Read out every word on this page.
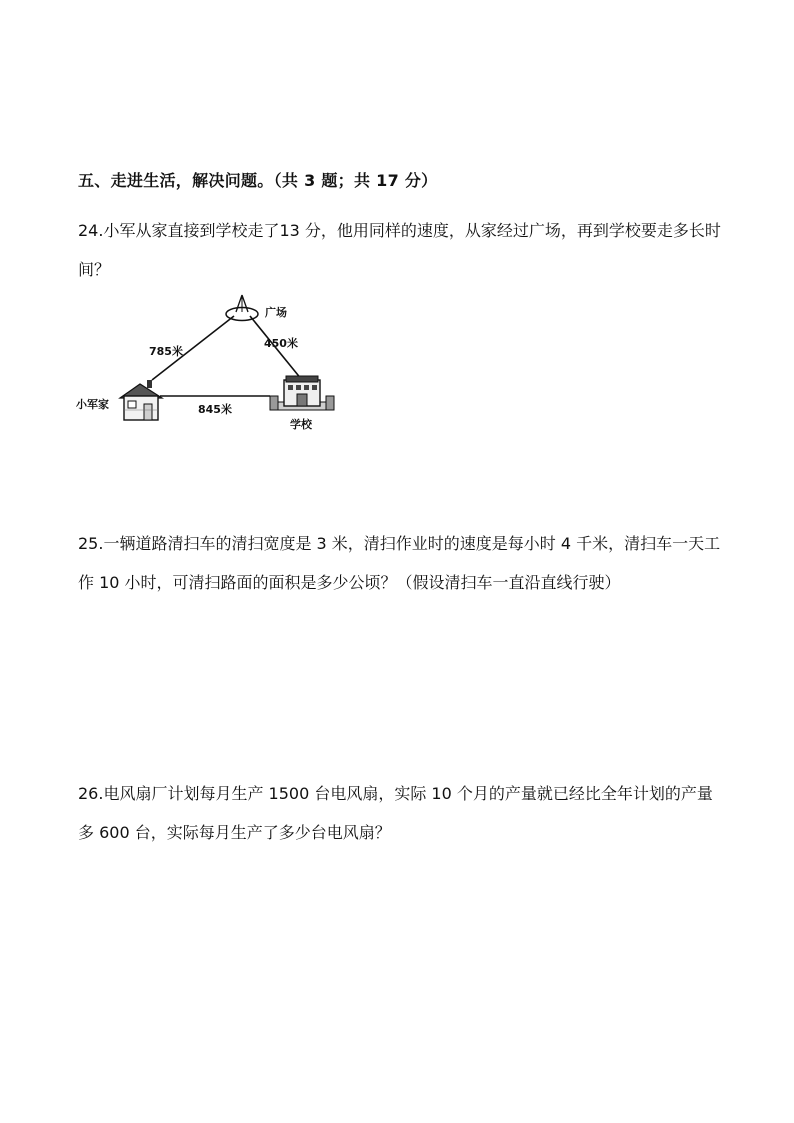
五、走进生活，解决问题。（共 3 题；共 17 分）

24.小军从家直接到学校走了13 分，他用同样的速度，从家经过广场，再到学校要走多长时间？

广场
785米
450米
845米
小军家
学校

25.一辆道路清扫车的清扫宽度是 3 米，清扫作业时的速度是每小时 4 千米，清扫车一天工作 10 小时，可清扫路面的面积是多少公顷？（假设清扫车一直沿直线行驶）

26.电风扇厂计划每月生产 1500 台电风扇，实际 10 个月的产量就已经比全年计划的产量多 600 台，实际每月生产了多少台电风扇？
